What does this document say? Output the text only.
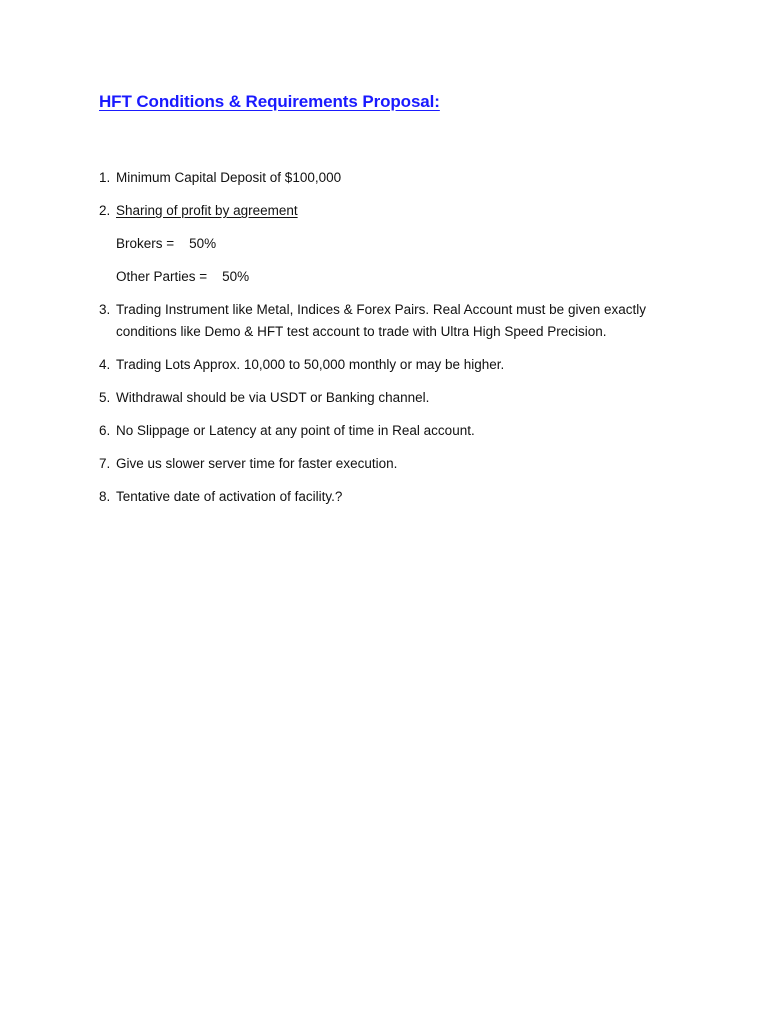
HFT Conditions & Requirements Proposal:
1. Minimum Capital Deposit of $100,000
2. Sharing of profit by agreement
Brokers =    50%
Other Parties =    50%
3. Trading Instrument like Metal, Indices & Forex Pairs. Real Account must be given exactly conditions like Demo & HFT test account to trade with Ultra High Speed Precision.
4. Trading Lots Approx. 10,000 to 50,000 monthly or may be higher.
5. Withdrawal should be via USDT or Banking channel.
6. No Slippage or Latency at any point of time in Real account.
7. Give us slower server time for faster execution.
8. Tentative date of activation of facility.?
